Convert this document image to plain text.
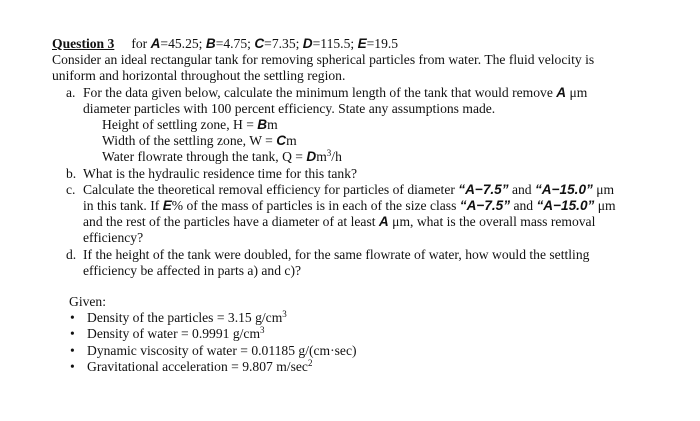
Question 3 for A=45.25; B=4.75; C=7.35; D=115.5; E=19.5
Consider an ideal rectangular tank for removing spherical particles from water. The fluid velocity is
uniform and horizontal throughout the settling region.
a. For the data given below, calculate the minimum length of the tank that would remove A μm
diameter particles with 100 percent efficiency. State any assumptions made.
Height of settling zone, H = Bm
Width of the settling zone, W = Cm
Water flowrate through the tank, $Q = Dm^3/h$
b. What is the hydraulic residence time for this tank?
c. Calculate the theoretical removal efficiency for particles of diameter “A−7.5” and “A−15.0” μm
in this tank. If E% of the mass of particles is in each of the size class “A−7.5” and “A−15.0” μm
and the rest of the particles have a diameter of at least A μm, what is the overall mass removal
efficiency?
d. If the height of the tank were doubled, for the same flowrate of water, how would the settling
efficiency be affected in parts a) and c)?
Given:
• Density of the particles = 3.15 $g/cm^3$
• Density of water = 0.9991 $g/cm^3$
• Dynamic viscosity of water = 0.01185 g/(cm·sec)
• Gravitational acceleration = 9.807 $m/\sec^2$
